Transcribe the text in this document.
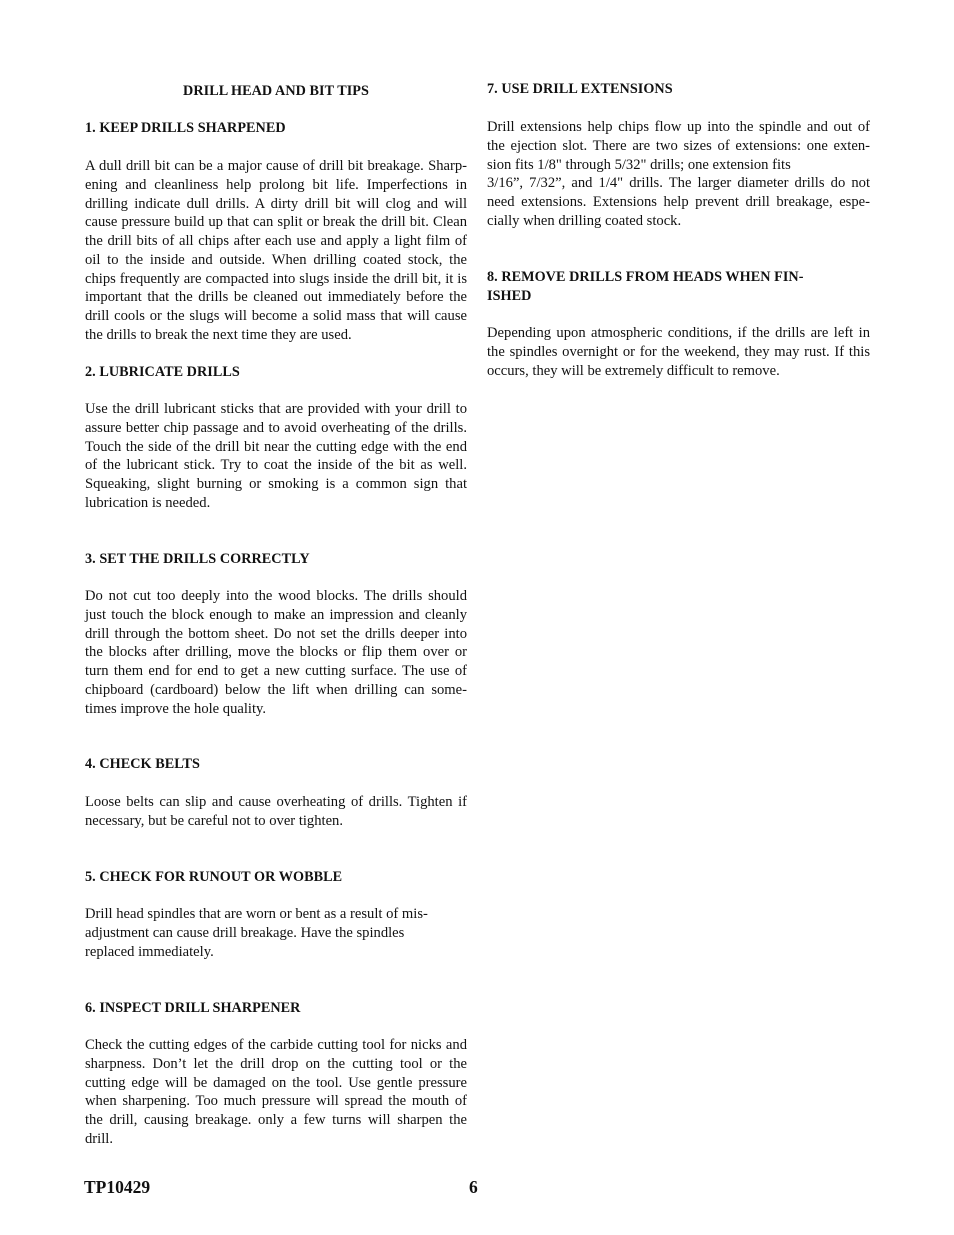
DRILL HEAD AND BIT TIPS
1. KEEP DRILLS SHARPENED
A dull drill bit can be a major cause of drill bit breakage. Sharp-ening and cleanliness help prolong bit life. Imperfections in drilling indicate dull drills. A dirty drill bit will clog and will cause pressure build up that can split or break the drill bit. Clean the drill bits of all chips after each use and apply a light film of oil to the inside and outside. When drilling coated stock, the chips frequently are compacted into slugs inside the drill bit, it is important that the drills be cleaned out immediately before the drill cools or the slugs will become a solid mass that will cause the drills to break the next time they are used.
2. LUBRICATE DRILLS
Use the drill lubricant sticks that are provided with your drill to assure better chip passage and to avoid overheating of the drills. Touch the side of the drill bit near the cutting edge with the end of the lubricant stick. Try to coat the inside of the bit as well. Squeaking, slight burning or smoking is a common sign that lubrication is needed.
3. SET THE DRILLS CORRECTLY
Do not cut too deeply into the wood blocks. The drills should just touch the block enough to make an impression and cleanly drill through the bottom sheet. Do not set the drills deeper into the blocks after drilling, move the blocks or flip them over or turn them end for end to get a new cutting surface. The use of chipboard (cardboard) below the lift when drilling can some-times improve the hole quality.
4. CHECK BELTS
Loose belts can slip and cause overheating of drills. Tighten if necessary, but be careful not to over tighten.
5. CHECK FOR RUNOUT OR WOBBLE
Drill head spindles that are worn or bent as a result of mis-adjustment can cause drill breakage. Have the spindles replaced immediately.
6. INSPECT DRILL SHARPENER
Check the cutting edges of the carbide cutting tool for nicks and sharpness. Don’t let the drill drop on the cutting tool or the cutting edge will be damaged on the tool. Use gentle pressure when sharpening. Too much pressure will spread the mouth of the drill, causing breakage. only a few turns will sharpen the drill.
7. USE DRILL EXTENSIONS
Drill extensions help chips flow up into the spindle and out of
the ejection slot. There are two sizes of extensions: one exten-
sion fits 1/8" through 5/32" drills; one extension fits
3/16”, 7/32”, and 1/4" drills. The larger diameter drills do not
need extensions. Extensions help prevent drill breakage, espe-
cially when drilling coated stock.
8. REMOVE DRILLS FROM HEADS WHEN FIN-
ISHED
Depending upon atmospheric conditions, if the drills are left in
the spindles overnight or for the weekend, they may rust. If this
occurs, they will be extremely difficult to remove.
TP10429	6
